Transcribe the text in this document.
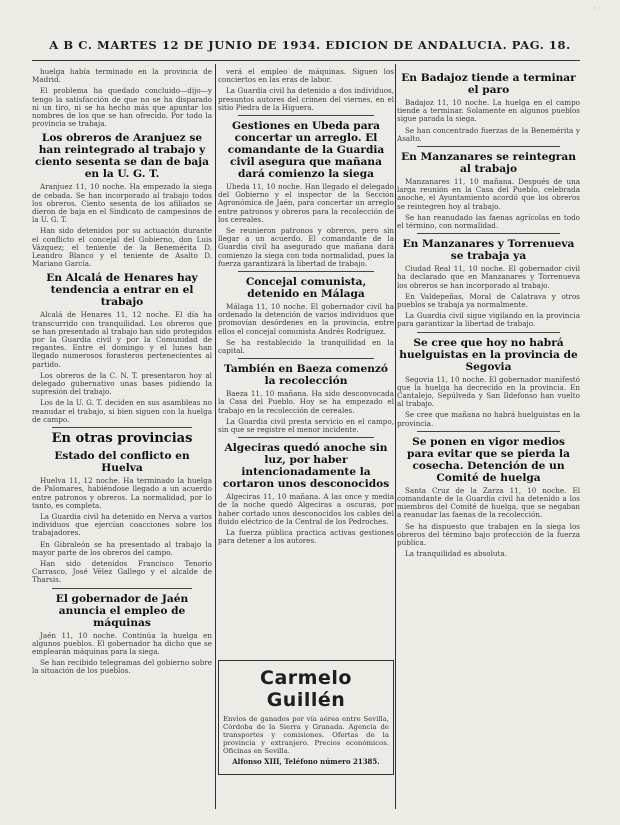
· · ·
A B C. MARTES 12 DE JUNIO DE 1934. EDICION DE ANDALUCIA. PAG. 18.

huelga había terminado en la provincia de Madrid.

El problema ha quedado concluido—dijo—y tengo la satisfacción de que no se ha disparado ni un tiro, ni se ha hecho más que apuntar los nombres de los que se han ofrecido. Por todo la provincia se trabaja.

Los obreros de Aranjuez se han reintegrado al trabajo y ciento sesenta se dan de baja en la U. G. T.

Aranjuez 11, 10 noche. Ha empezado la siega de cebada. Se han incorporado al trabajo todos los obreros. Ciento sesenta de los afiliados se dieron de baja en el Sindicato de campesinos de la U. G. T.

Han sido detenidos por su actuación durante el conflicto el concejal del Gobierno, don Luis Vázquez; el teniente de la Benemérita D. Leandro Blanco y el teniente de Asalto D. Mariano García.

En Alcalá de Henares hay tendencia a entrar en el trabajo

Alcalá de Henares 11, 12 noche. El día ha transcurrido con tranquilidad. Los obreros que se han presentado al trabajo han sido protegidos por la Guardia civil y por la Comunidad de regantes. Entre el domingo y el lunes han llegado numerosos forasteros pertenecientes al partido.

Los obreros de la C. N. T. presentaron hoy al delegado gubernativo unas bases pidiendo la supresión del trabajo.

Los de la U. G. T. deciden en sus asambleas no reanudar el trabajo, si bien siguen con la huelga de campo.

En otras provincias
Estado del conflicto en Huelva

Huelva 11, 12 noche. Ha terminado la huelga de Palomares, habiéndose llegado a un acuerdo entre patronos y obreros. La normalidad, por lo tanto, es completa.

La Guardia civil ha detenido en Nerva a varios individuos que ejercían coacciones sobre los trabajadores.

En Gibraleón se ha presentado al trabajo la mayor parte de los obreros del campo.

Han sido detenidos Francisco Tenorio Carrasco, José Vélez Gallego y el alcalde de Tharsis.

El gobernador de Jaén anuncia el empleo de máquinas

Jaén 11, 10 noche. Continúa la huelga en algunos pueblos. El gobernador ha dicho que se emplearán máquinas para la siega.

Se han recibido telegramas del gobierno sobre la situación de los pueblos.

verá el empleo de máquinas. Siguen los conciertos en las eras de labor.

La Guardia civil ha detenido a dos individuos, presuntos autores del crimen del viernes, en el sitio Piedra de la Higuera.

Gestiones en Ubeda para concertar un arreglo. El comandante de la Guardia civil asegura que mañana dará comienzo la siega

Ubeda 11, 10 noche. Han llegado el delegado del Gobierno y el inspector de la Sección Agronómica de Jaén, para concertar un arreglo entre patronos y obreros para la recolección de los cereales.

Se reunieron patronos y obreros, pero sin llegar a un acuerdo. El comandante de la Guardia civil ha asegurado que mañana dará comienzo la siega con toda normalidad, pues la fuerza garantizará la libertad de trabajo.

Concejal comunista, detenido en Málaga

Málaga 11, 10 noche. El gobernador civil ha ordenado la detención de varios individuos que promovían desórdenes en la provincia, entre ellos el concejal comunista Andrés Rodríguez.

Se ha restablecido la tranquilidad en la capital.

También en Baeza comenzó la recolección

Baeza 11, 10 mañana. Ha sido desconvocada la Casa del Pueblo. Hoy se ha empezado el trabajo en la recolección de cereales.

La Guardia civil presta servicio en el campo, sin que se registre el menor incidente.

Algeciras quedó anoche sin luz, por haber intencionadamente la cortaron unos desconocidos

Algeciras 11, 10 mañana. A las once y media de la noche quedó Algeciras a oscuras, por haber cortado unos desconocidos los cables del fluido eléctrico de la Central de los Pedroches.

La fuerza pública practica activas gestiones para detener a los autores.

Carmelo Guillén
Envíos de ganados por vía aérea entre Sevilla, Córdoba de la Sierra y Granada. Agencia de transportes y comisiones. Ofertas de la provincia y extranjero. Precios económicos. Oficinas en Sevilla.
Alfonso XIII, Teléfono número 21385.
En Badajoz tiende a terminar el paro

Badajoz 11, 10 noche. La huelga en el campo tiende a terminar. Solamente en algunos pueblos sigue parada la siega.

Se han concentrado fuerzas de la Benemérita y Asalto.

En Manzanares se reintegran al trabajo

Manzanares 11, 10 mañana. Después de una larga reunión en la Casa del Pueblo, celebrada anoche, el Ayuntamiento acordó que los obreros se reintegren hoy al trabajo.

Se han reanudado las faenas agrícolas en todo el término, con normalidad.

En Manzanares y Torrenueva se trabaja ya

Ciudad Real 11, 10 noche. El gobernador civil ha declarado que en Manzanares y Torrenueva los obreros se han incorporado al trabajo.

En Valdepeñas, Moral de Calatrava y otros pueblos se trabaja ya normalmente.

La Guardia civil sigue vigilando en la provincia para garantizar la libertad de trabajo.

Se cree que hoy no habrá huelguistas en la provincia de Segovia

Segovia 11, 10 noche. El gobernador manifestó que la huelga ha decrecido en la provincia. En Cantalejo, Sepúlveda y San Ildefonso han vuelto al trabajo.

Se cree que mañana no habrá huelguistas en la provincia.

Se ponen en vigor medios para evitar que se pierda la cosecha. Detención de un Comité de huelga

Santa Cruz de la Zarza 11, 10 noche. El comandante de la Guardia civil ha detenido a los miembros del Comité de huelga, que se negaban a reanudar las faenas de la recolección.

Se ha dispuesto que trabajen en la siega los obreros del término bajo protección de la fuerza pública.

La tranquilidad es absoluta.
